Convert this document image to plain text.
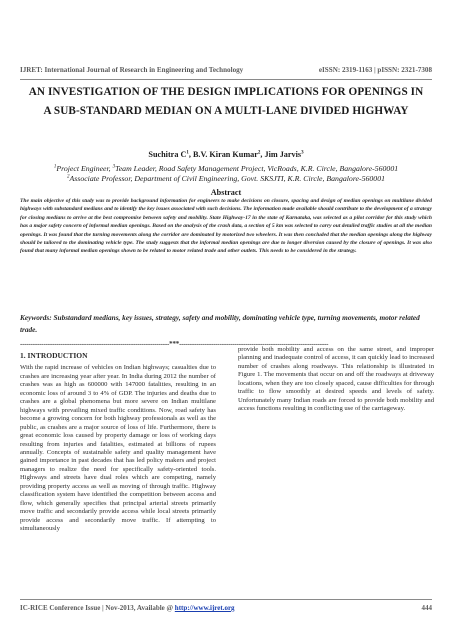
IJRET: International Journal of Research in Engineering and Technology	eISSN: 2319-1163 | pISSN: 2321-7308
AN INVESTIGATION OF THE DESIGN IMPLICATIONS FOR OPENINGS IN A SUB-STANDARD MEDIAN ON A MULTI-LANE DIVIDED HIGHWAY
Suchitra $C^1$, B.V. Kiran Kumar$^2$, Jim Jarvis$^3$
$^1$Project Engineer, $^3$Team Leader, Road Safety Management Project, VicRoads, K.R. Circle, Bangalore-560001
$^2$Associate Professor, Department of Civil Engineering, Govt. SKSJTI, K.R. Circle, Bangalore-560001
Abstract
The main objective of this study was to provide background information for engineers to make decisions on closure, spacing and design of median openings on multilane divided highways with substandard medians and to identify the key issues associated with such decisions. The information made available should contribute to the development of a strategy for closing medians to arrive at the best compromise between safety and mobility. State Highway-17 in the state of Karnataka, was selected as a pilot corridor for this study which has a major safety concern of informal median openings. Based on the analysis of the crash data, a section of 5 km was selected to carry out detailed traffic studies at all the median openings. It was found that the turning movements along the corridor are dominated by motorized two wheelers. It was then concluded that the median openings along the highway should be tailored to the dominating vehicle type. The study suggests that the informal median openings are due to longer diversion caused by the closure of openings. It was also found that many informal median openings shown to be related to motor related trade and other outlets. This needs to be considered in the strategy.
Keywords: Substandard medians, key issues, strategy, safety and mobility, dominating vehicle type, turning movements, motor related trade.
----------------------------------------------------------------------***----------------------------------------------------------------------
1. INTRODUCTION

With the rapid increase of vehicles on Indian highways; casualties due to crashes are increasing year after year. In India during 2012 the number of crashes was as high as 600000 with 147000 fatalities, resulting in an economic loss of around 3 to 4% of GDP. The injuries and deaths due to crashes are a global phenomena but more severe on Indian multilane highways with prevailing mixed traffic conditions. Now, road safety has become a growing concern for both highway professionals as well as the public, as crashes are a major source of loss of life. Furthermore, there is great economic loss caused by property damage or loss of working days resulting from injuries and fatalities, estimated at billions of rupees annually. Concepts of sustainable safety and quality management have gained importance in past decades that has led policy makers and project managers to realize the need for specifically safety-oriented tools. Highways and streets have dual roles which are competing, namely providing property access as well as moving of through traffic. Highway classification system have identified the competition between access and flow, which generally specifies that principal arterial streets primarily move traffic and secondarily provide access while local streets primarily provide access and secondarily move traffic. If attempting to simultaneously

provide both mobility and access on the same street, and improper planning and inadequate control of access, it can quickly lead to increased number of crashes along roadways. This relationship is illustrated in Figure 1. The movements that occur on and off the roadways at driveway locations, when they are too closely spaced, cause difficulties for through traffic to flow smoothly at desired speeds and levels of safety. Unfortunately many Indian roads are forced to provide both mobility and access functions resulting in conflicting use of the carriageway.

IC-RICE Conference Issue | Nov-2013, Available @ http://www.ijret.org	444
